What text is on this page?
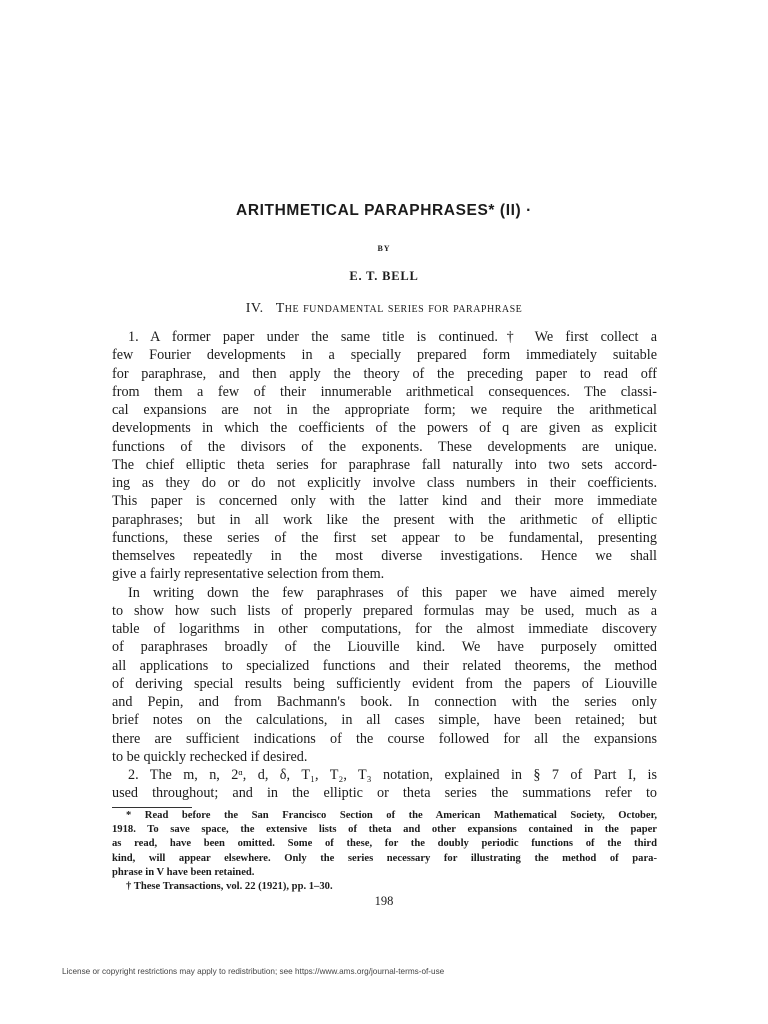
ARITHMETICAL PARAPHRASES* (II) ·
BY
E. T. BELL
IV. The fundamental series for paraphrase
1. A former paper under the same title is continued.† We first collect a
few Fourier developments in a specially prepared form immediately suitable
for paraphrase, and then apply the theory of the preceding paper to read off
from them a few of their innumerable arithmetical consequences. The classi-
cal expansions are not in the appropriate form; we require the arithmetical
developments in which the coefficients of the powers of q are given as explicit
functions of the divisors of the exponents. These developments are unique.
The chief elliptic theta series for paraphrase fall naturally into two sets accord-
ing as they do or do not explicitly involve class numbers in their coefficients.
This paper is concerned only with the latter kind and their more immediate
paraphrases; but in all work like the present with the arithmetic of elliptic
functions, these series of the first set appear to be fundamental, presenting
themselves repeatedly in the most diverse investigations. Hence we shall
give a fairly representative selection from them.
In writing down the few paraphrases of this paper we have aimed merely
to show how such lists of properly prepared formulas may be used, much as a
table of logarithms in other computations, for the almost immediate discovery
of paraphrases broadly of the Liouville kind. We have purposely omitted
all applications to specialized functions and their related theorems, the method
of deriving special results being sufficiently evident from the papers of Liouville
and Pepin, and from Bachmann's book. In connection with the series only
brief notes on the calculations, in all cases simple, have been retained; but
there are sufficient indications of the course followed for all the expansions
to be quickly rechecked if desired.
2. The m, n, 2ᵅ, d, δ, T₁, T₂, T₃ notation, explained in § 7 of Part I, is
used throughout; and in the elliptic or theta series the summations refer to
* Read before the San Francisco Section of the American Mathematical Society, October,
1918. To save space, the extensive lists of theta and other expansions contained in the paper
as read, have been omitted. Some of these, for the doubly periodic functions of the third
kind, will appear elsewhere. Only the series necessary for illustrating the method of para-
phrase in V have been retained.
† These Transactions, vol. 22 (1921), pp. 1–30.
198
License or copyright restrictions may apply to redistribution; see https://www.ams.org/journal-terms-of-use
